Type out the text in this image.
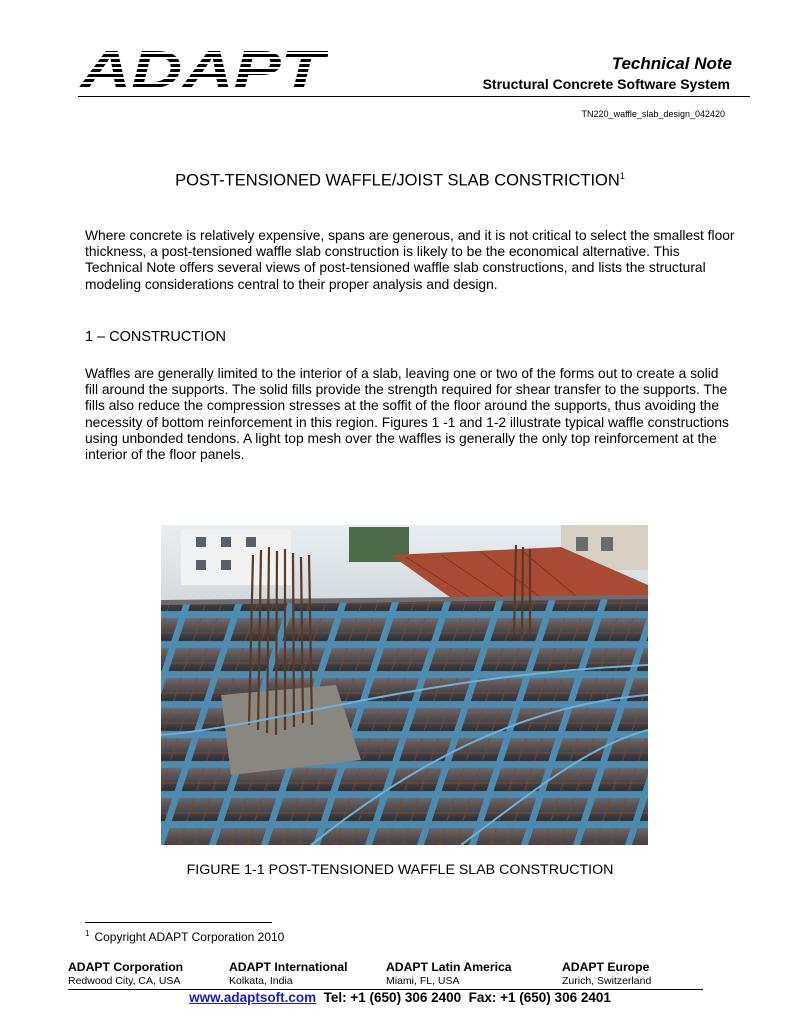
Technical Note
Structural Concrete Software System
TN220_waffle_slab_design_042420
POST-TENSIONED WAFFLE/JOIST SLAB CONSTRICTION$^1$
Where concrete is relatively expensive, spans are generous, and it is not critical to select the smallest floor thickness, a post-tensioned waffle slab construction is likely to be the economical alternative. This Technical Note offers several views of post-tensioned waffle slab constructions, and lists the structural modeling considerations central to their proper analysis and design.
1 – CONSTRUCTION
Waffles are generally limited to the interior of a slab, leaving one or two of the forms out to create a solid fill around the supports. The solid fills provide the strength required for shear transfer to the supports. The fills also reduce the compression stresses at the soffit of the floor around the supports, thus avoiding the necessity of bottom reinforcement in this region. Figures 1 -1 and 1-2 illustrate typical waffle constructions using unbonded tendons. A light top mesh over the waffles is generally the only top reinforcement at the interior of the floor panels.
FIGURE 1-1 POST-TENSIONED WAFFLE SLAB CONSTRUCTION
$^1$ Copyright ADAPT Corporation 2010
ADAPT Corporation
Redwood City, CA, USA
ADAPT International
Kolkata, India
ADAPT Latin America
Miami, FL, USA
ADAPT Europe
Zurich, Switzerland
www.adaptsoft.com Tel: +1 (650) 306 2400 Fax: +1 (650) 306 2401
